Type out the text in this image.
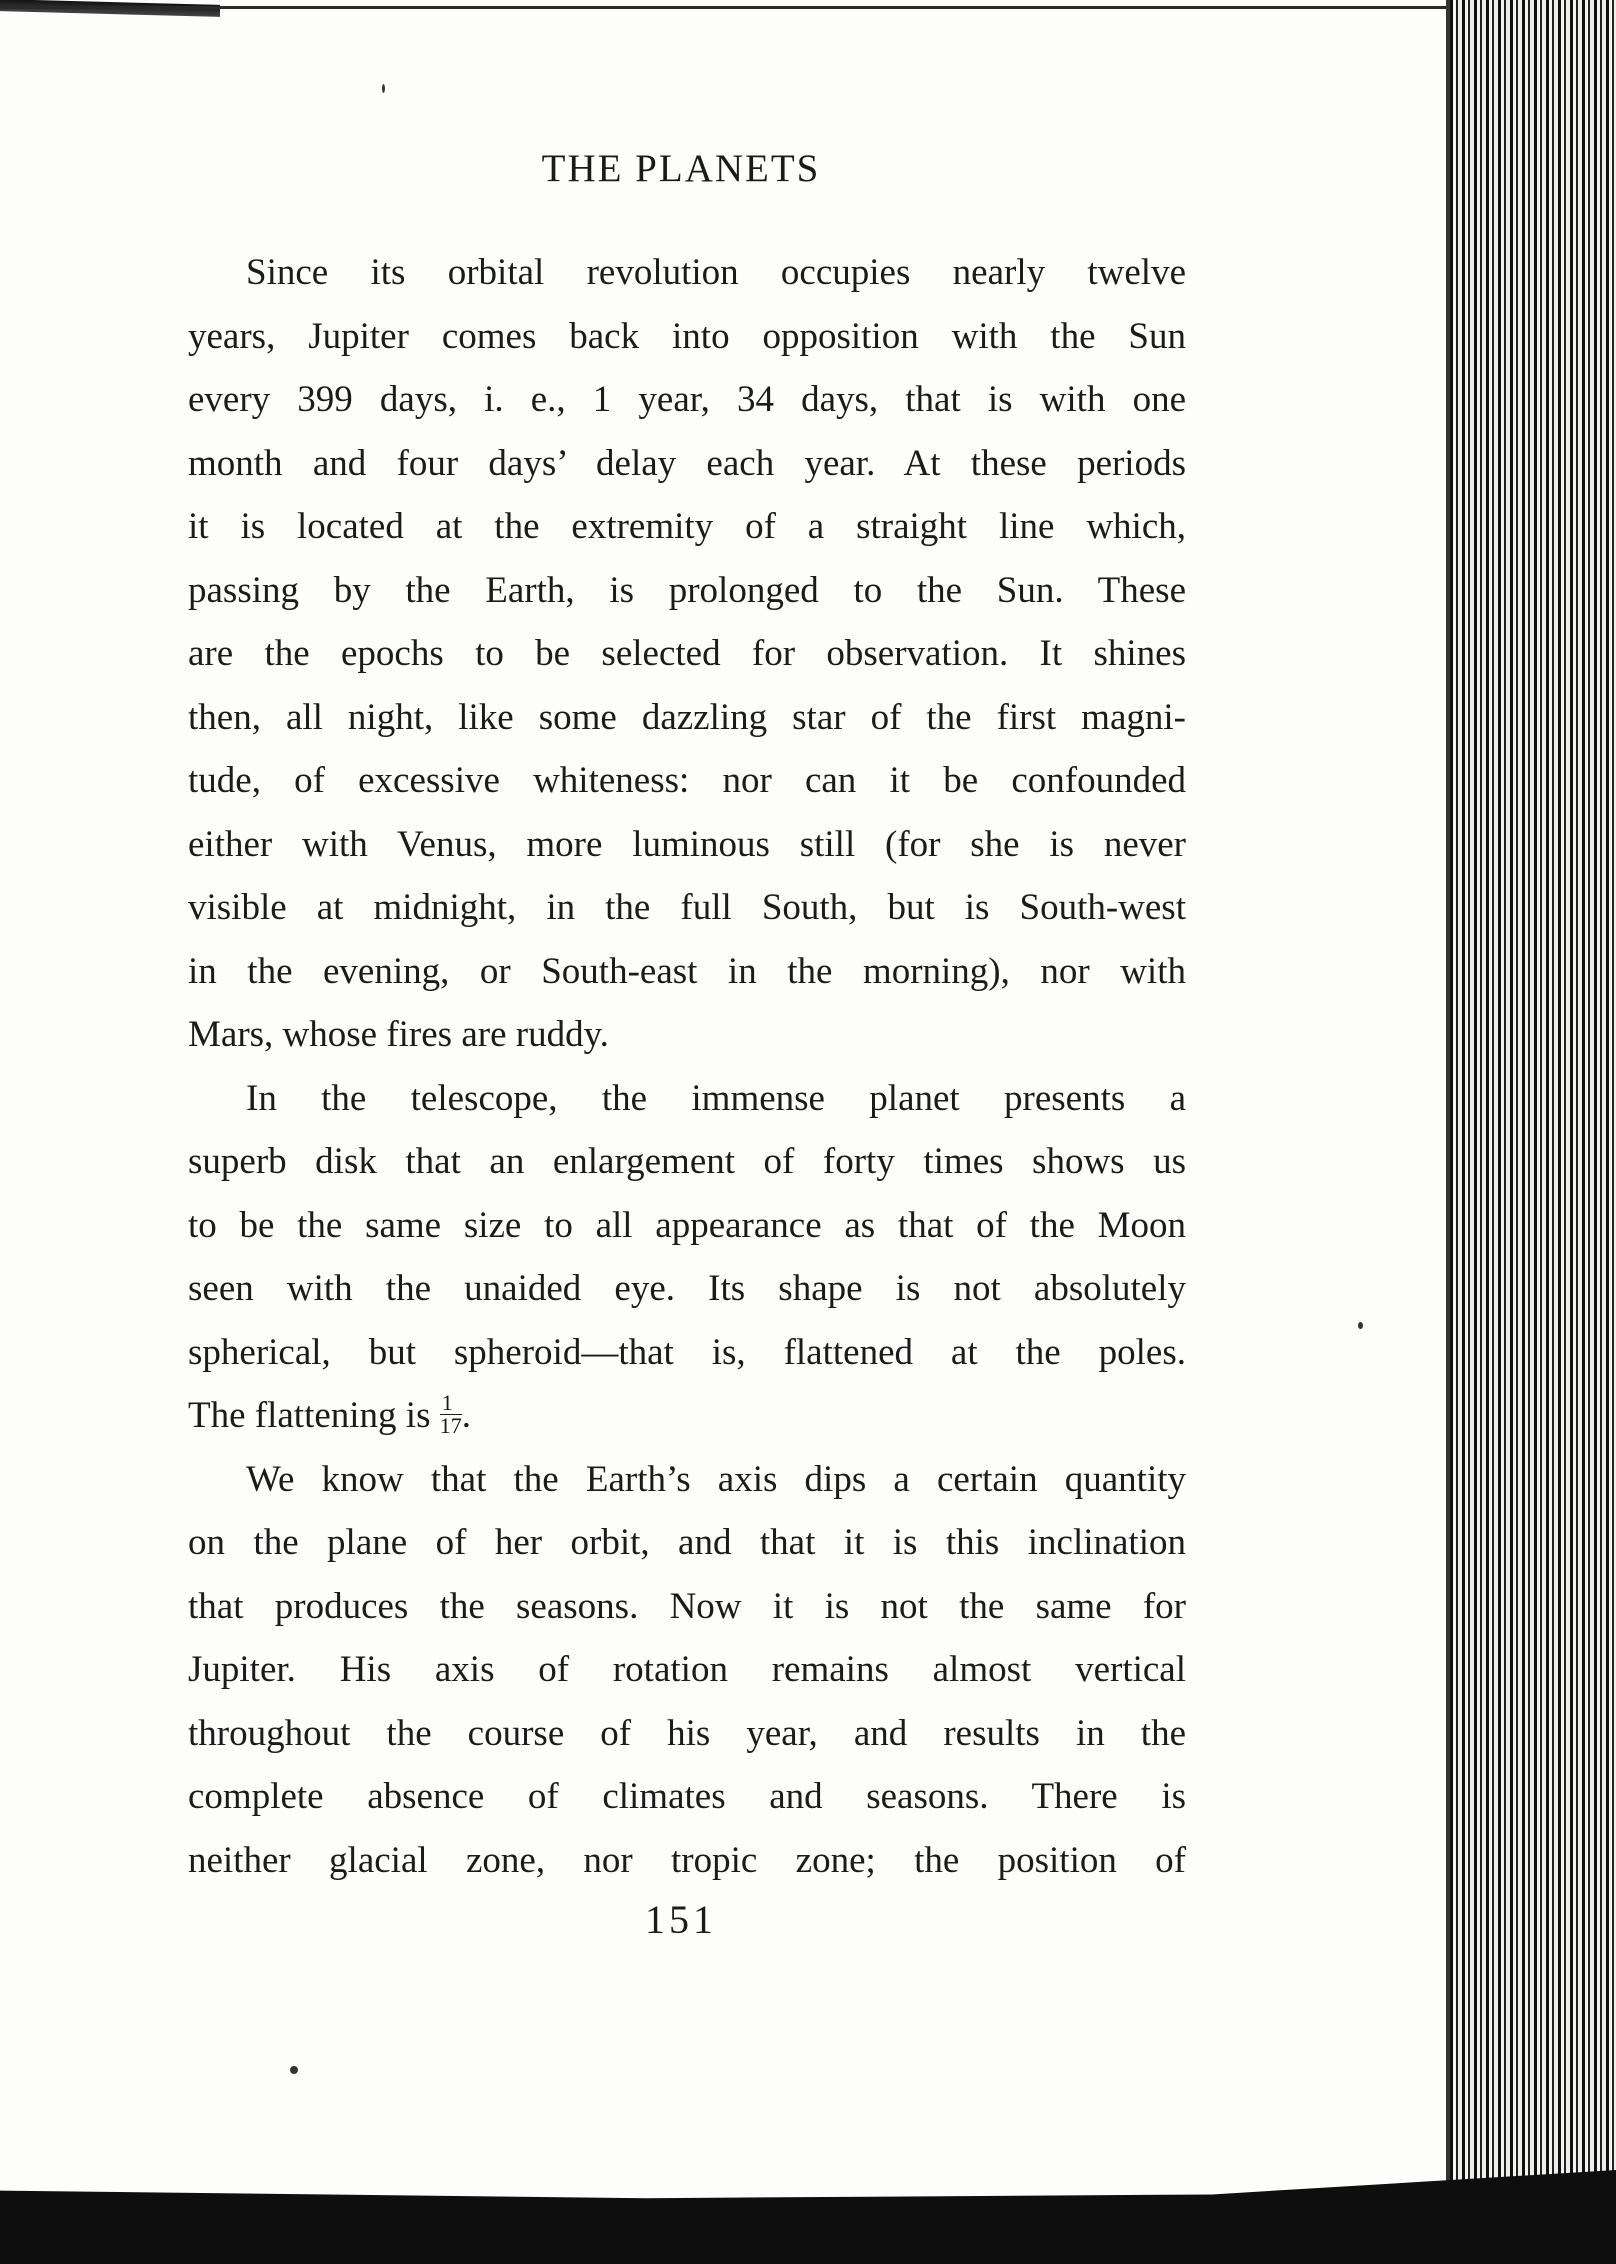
THE PLANETS
Since its orbital revolution occupies nearly twelve
years, Jupiter comes back into opposition with the Sun
every 399 days, i. e., 1 year, 34 days, that is with one
month and four days’ delay each year. At these periods
it is located at the extremity of a straight line which,
passing by the Earth, is prolonged to the Sun. These
are the epochs to be selected for observation. It shines
then, all night, like some dazzling star of the first magni-
tude, of excessive whiteness: nor can it be confounded
either with Venus, more luminous still (for she is never
visible at midnight, in the full South, but is South-west
in the evening, or South-east in the morning), nor with
Mars, whose fires are ruddy.
In the telescope, the immense planet presents a
superb disk that an enlargement of forty times shows us
to be the same size to all appearance as that of the Moon
seen with the unaided eye. Its shape is not absolutely
spherical, but spheroid—that is, flattened at the poles.
The flattening is $\frac{1}{17}$ .
We know that the Earth’s axis dips a certain quantity
on the plane of her orbit, and that it is this inclination
that produces the seasons. Now it is not the same for
Jupiter. His axis of rotation remains almost vertical
throughout the course of his year, and results in the
complete absence of climates and seasons. There is
neither glacial zone, nor tropic zone; the position of
151
